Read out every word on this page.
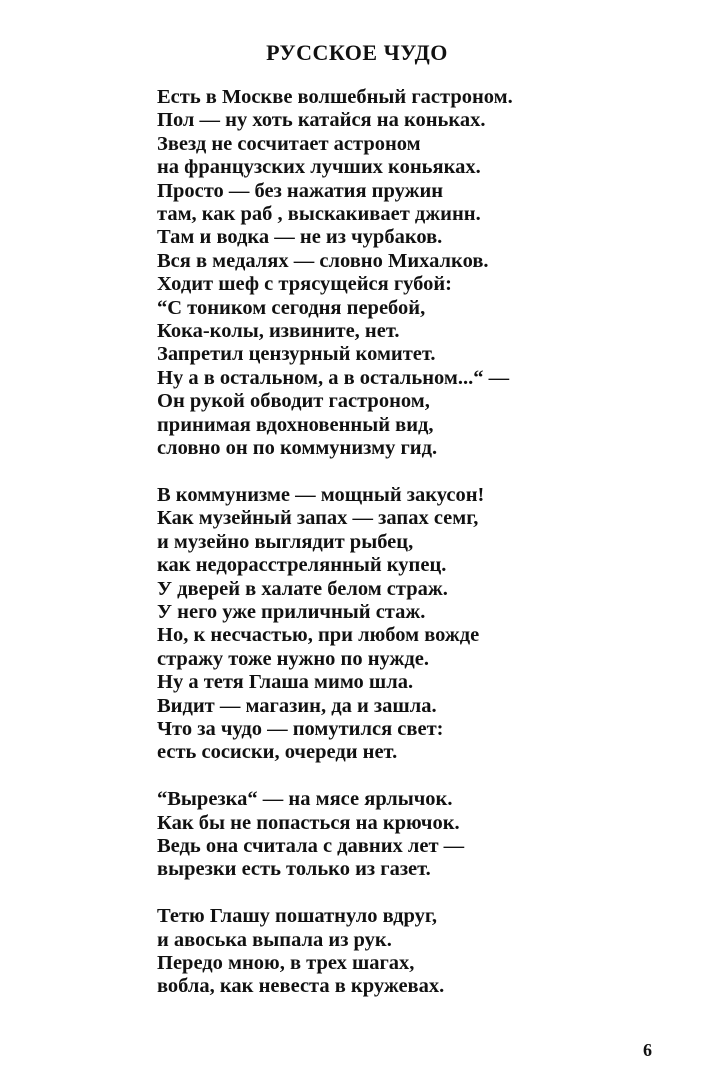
РУССКОЕ ЧУДО

Есть в Москве волшебный гастроном.
Пол — ну хоть катайся на коньках.
Звезд не сосчитает астроном
на французских лучших коньяках.
Просто — без нажатия пружин
там, как раб , выскакивает джинн.
Там и водка — не из чурбаков.
Вся в медалях — словно Михалков.
Ходит шеф с трясущейся губой:
“С тоником сегодня перебой,
Кока-колы, извините, нет.
Запретил цензурный комитет.
Ну а в остальном, а в остальном...“ —
Он рукой обводит гастроном,
принимая вдохновенный вид,
словно он по коммунизму гид.

В коммунизме — мощный закусон!
Как музейный запах — запах семг,
и музейно выглядит рыбец,
как недорасстрелянный купец.
У дверей в халате белом страж.
У него уже приличный стаж.
Но, к несчастью, при любом вожде
стражу тоже нужно по нужде.
Ну а тетя Глаша мимо шла.
Видит — магазин, да и зашла.
Что за чудо — помутился свет:
есть сосиски, очереди нет.

“Вырезка“ — на мясе ярлычок.
Как бы не попасться на крючок.
Ведь она считала с давних лет —
вырезки есть только из газет.

Тетю Глашу пошатнуло вдруг,
и авоська выпала из рук.
Передо мною, в трех шагах,
вобла, как невеста в кружевах.

6
